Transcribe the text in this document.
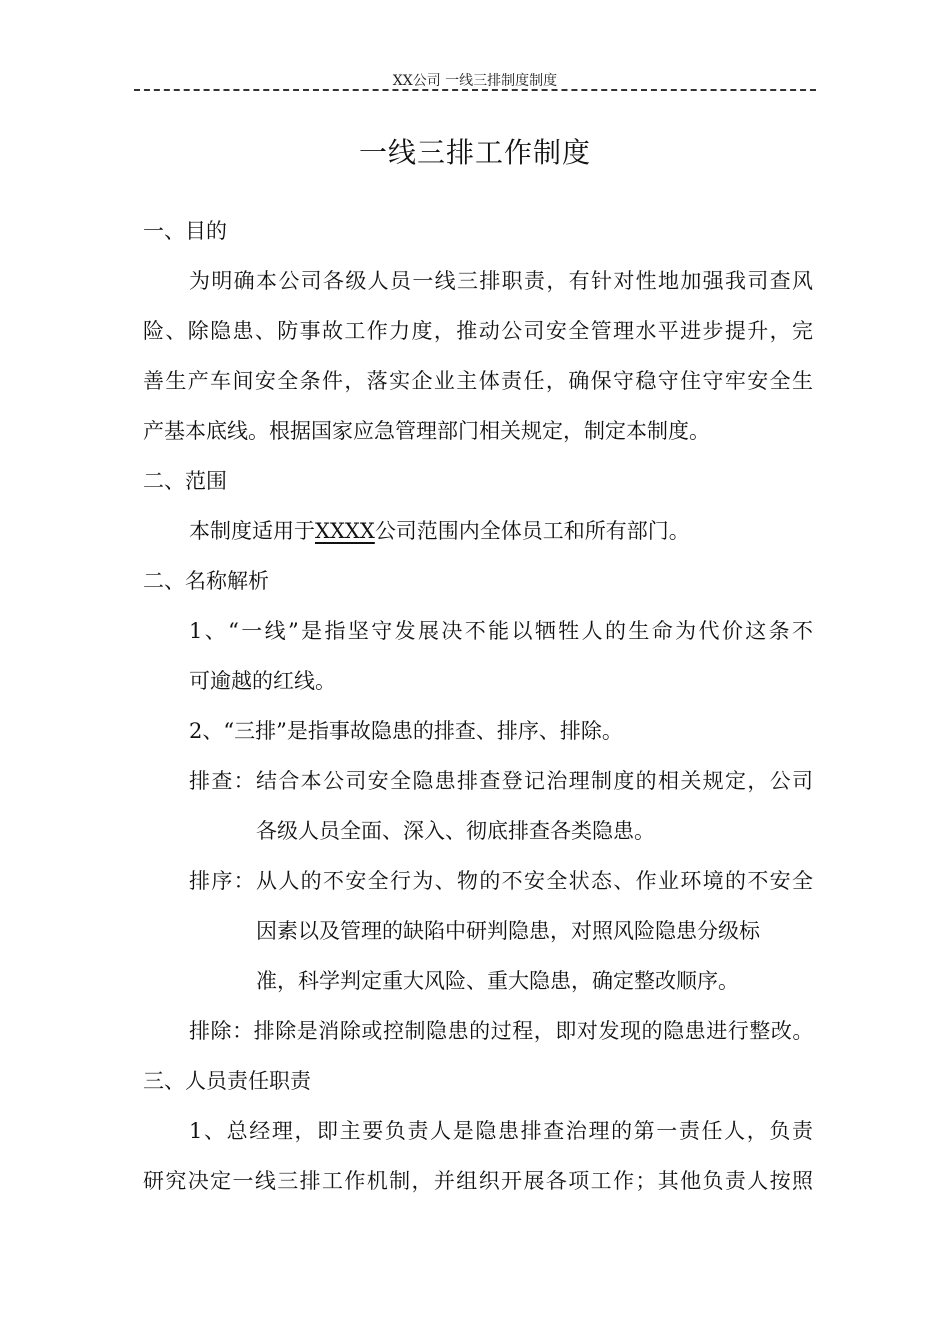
XX公司 一线三排制度制度
一线三排工作制度
一、目的
为明确本公司各级人员一线三排职责，有针对性地加强我司查风
险、除隐患、防事故工作力度，推动公司安全管理水平进步提升，完
善生产车间安全条件，落实企业主体责任，确保守稳守住守牢安全生
产基本底线。根据国家应急管理部门相关规定，制定本制度。
二、范围
本制度适用于XXXX公司范围内全体员工和所有部门。
二、名称解析
1、“一线”是指坚守发展决不能以牺牲人的生命为代价这条不
可逾越的红线。
2、“三排”是指事故隐患的排查、排序、排除。
排查：结合本公司安全隐患排查登记治理制度的相关规定，公司
各级人员全面、深入、彻底排查各类隐患。
排序：从人的不安全行为、物的不安全状态、作业环境的不安全
因素以及管理的缺陷中研判隐患，对照风险隐患分级标
准，科学判定重大风险、重大隐患，确定整改顺序。
排除：排除是消除或控制隐患的过程，即对发现的隐患进行整改。
三、人员责任职责
1、总经理，即主要负责人是隐患排查治理的第一责任人，负责
研究决定一线三排工作机制，并组织开展各项工作；其他负责人按照
